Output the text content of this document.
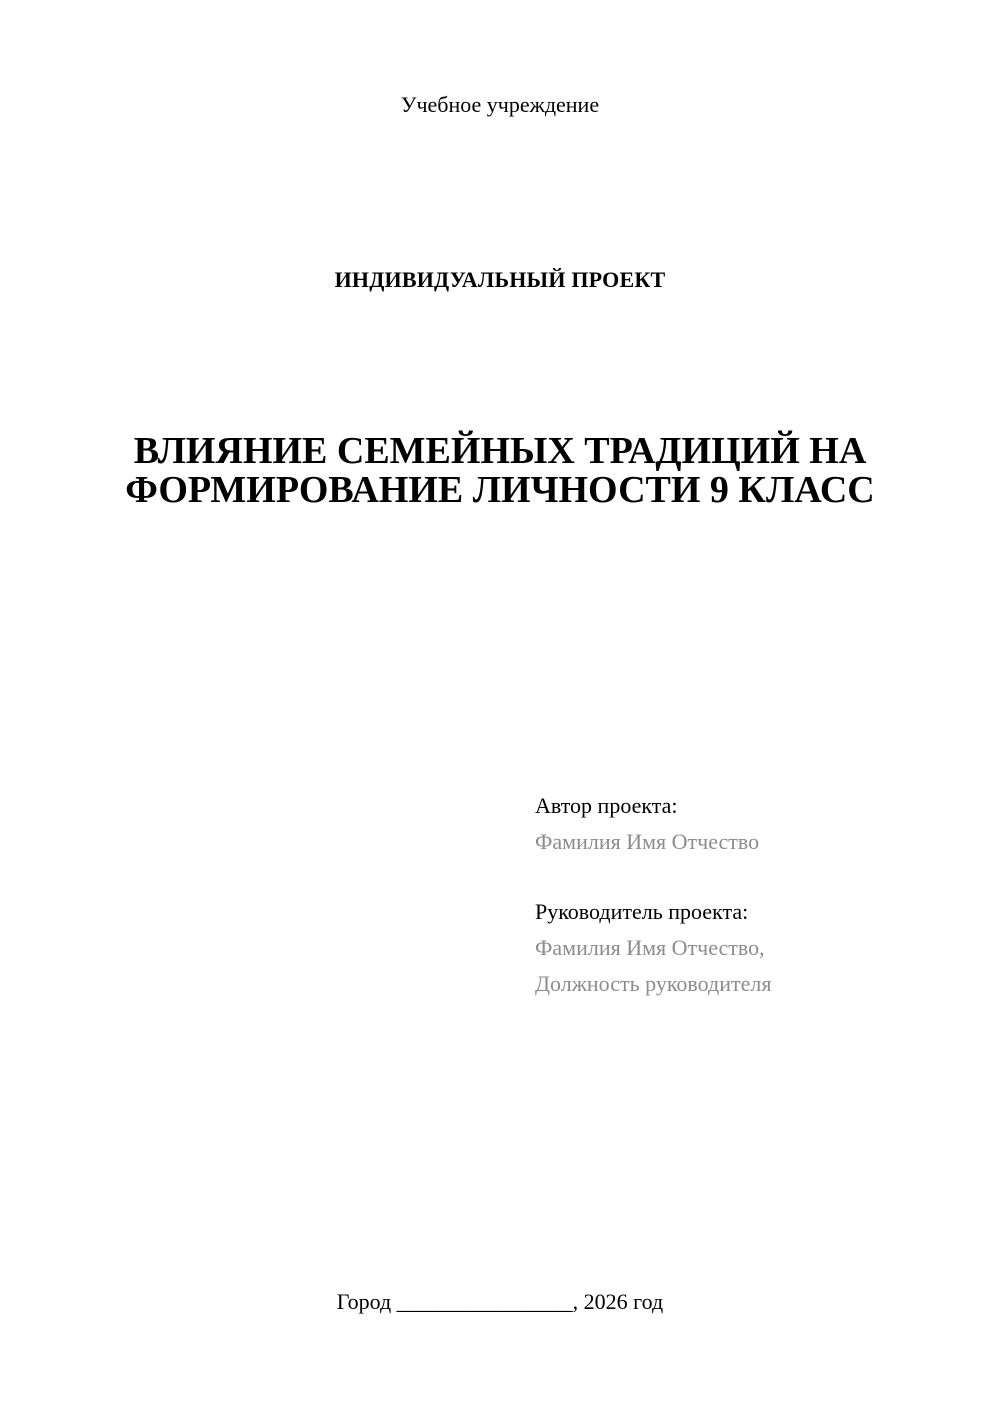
Учебное учреждение
ИНДИВИДУАЛЬНЫЙ ПРОЕКТ
ВЛИЯНИЕ СЕМЕЙНЫХ ТРАДИЦИЙ НА
ФОРМИРОВАНИЕ ЛИЧНОСТИ 9 КЛАСС
Автор проекта:
Фамилия Имя Отчество
Руководитель проекта:
Фамилия Имя Отчество,
Должность руководителя
Город ________________, 2026 год
